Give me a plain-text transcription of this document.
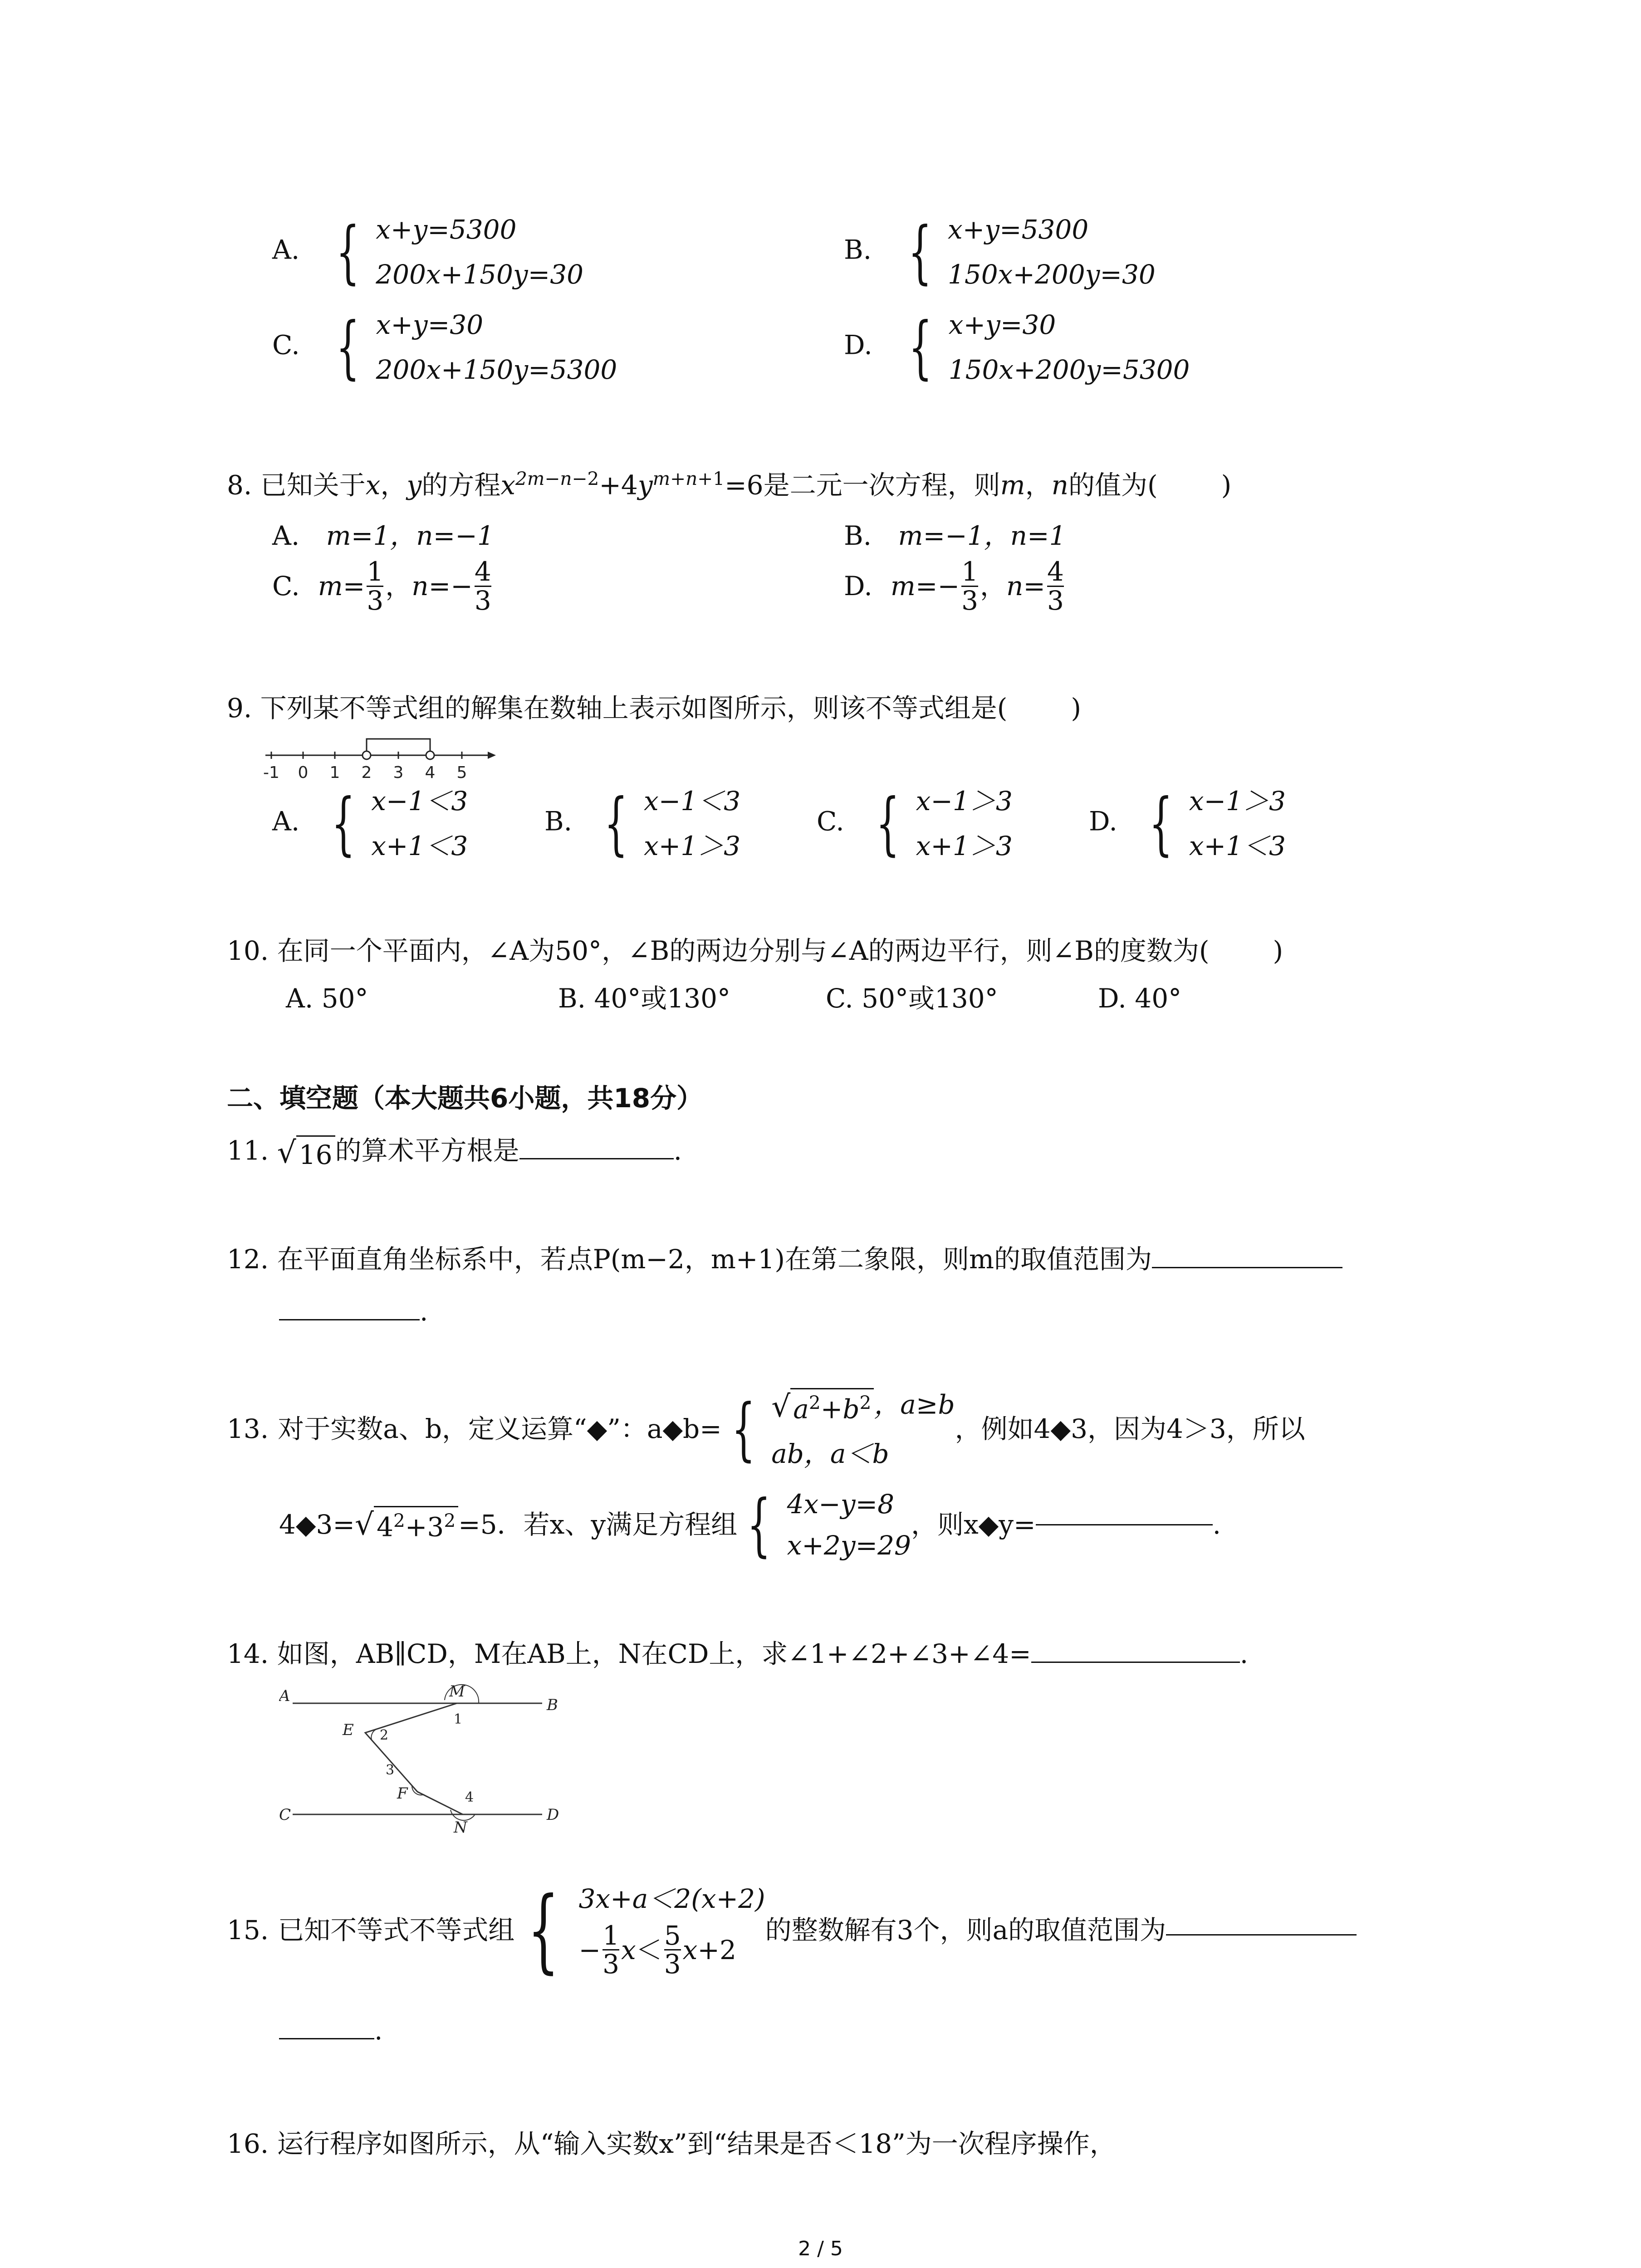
A. { x+y=5300
200x+150y=30
B. { x+y=5300
150x+200y=30
C. { x+y=30
200x+150y=5300
D. { x+y=30
150x+200y=5300
8. 已知关于x，y的方程$x^{2m-n-2}+4y^{m+n+1}=6$是二元一次方程，则m，n的值为( )
A. m=1，n=−1	B. m=−1，n=1
C. $m= \frac{1}{3}$ ，$n=- \frac{4}{3}$	D. $m=- \frac{1}{3}$ ，$n= \frac{4}{3}$
9. 下列某不等式组的解集在数轴上表示如图所示，则该不等式组是( )
-1 0 1 2 3 4 5
A. { x−1＜3
x+1＜3
B. { x−1＜3
x+1＞3
C. { x−1＞3
x+1＞3
D. { x−1＞3
x+1＜3
10. 在同一个平面内，∠A为50°，∠B的两边分别与∠A的两边平行，则∠B的度数为( )
A. 50°	B. 40°或130°	C. 50°或130°	D. 40°
二、填空题（本大题共6小题，共18分）
11. √ 16 的算术平方根是	.
12. 在平面直角坐标系中，若点P(m−2，m+1)在第二象限，则m的取值范围为
.
13. 对于实数a、b，定义运算“◆”：a◆b= { √ $a^2+b^2$ ，a≥b
ab，a＜b
，例如4◆3，因为4＞3，所以
4◆3= √ $4^2+3^2 =5$．若x、y满足方程组 { 4x−y=8
x+2y=29
，则x◆y=	.
14. 如图，AB∥CD，M在AB上，N在CD上，求∠1+∠2+∠3+∠4=	.
A	B
C	D
M
N
E
F
1
2
3
4
15. 已知不等式不等式组 { 3x+a＜2(x+2)
− $\frac{1}{3}$ $x < \frac{5}{3}$ x +2
的整数解有3个，则a的取值范围为
.
16. 运行程序如图所示，从“输入实数x”到“结果是否＜18”为一次程序操作，
2 / 5
